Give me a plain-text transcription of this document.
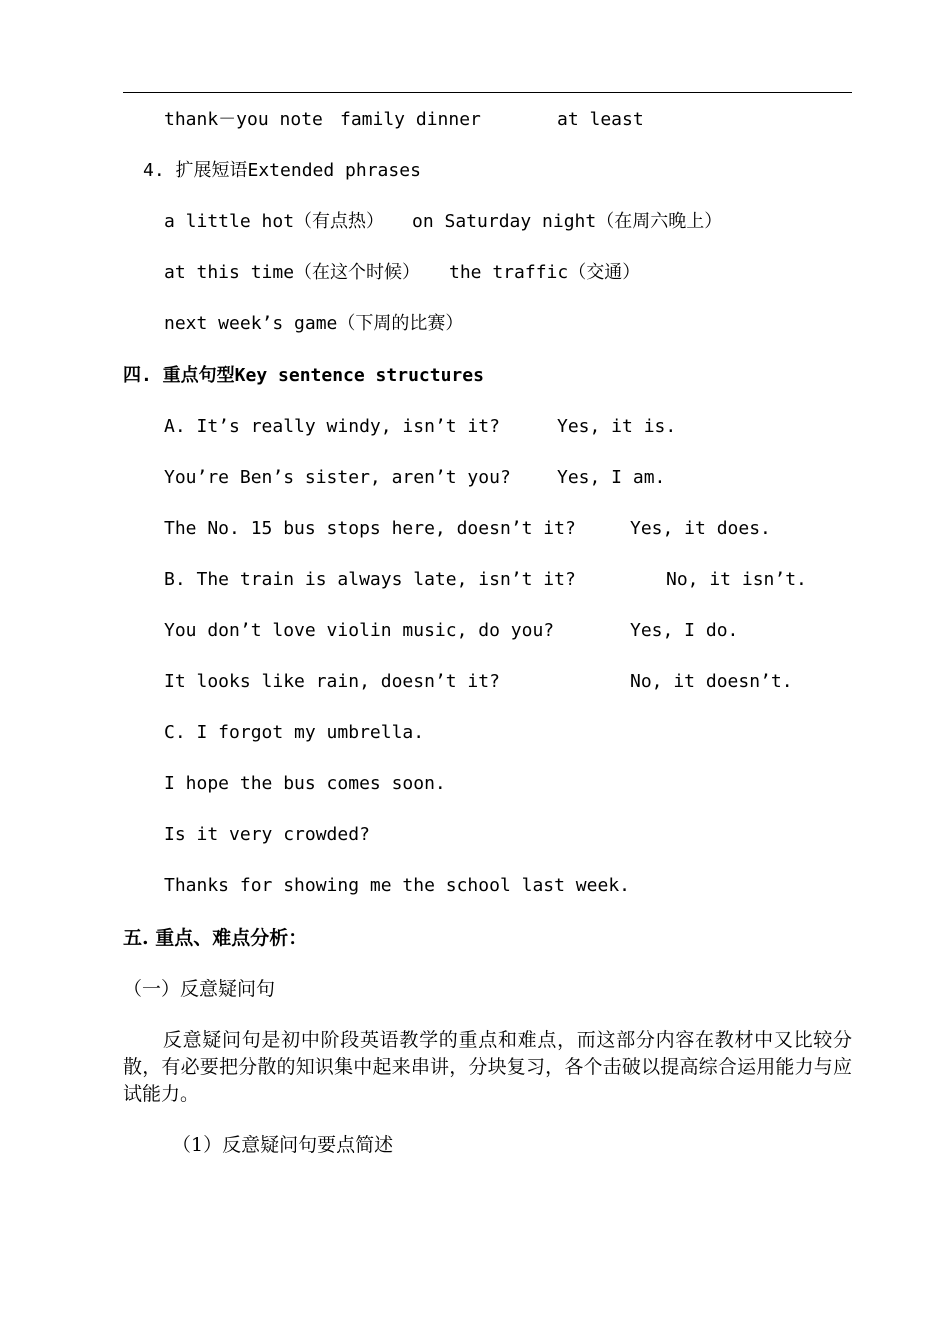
thank－you note family dinner	at least
4. 扩展短语Extended phrases
a little hot（有点热） on Saturday night（在周六晚上）
at this time（在这个时候） the traffic（交通）
next week’s game（下周的比赛）
四. 重点句型Key sentence structures
A. It’s really windy, isn’t it?	Yes, it is.
You’re Ben’s sister, aren’t you?	Yes, I am.
The No. 15 bus stops here, doesn’t it?	Yes, it does.
B. The train is always late, isn’t it?	No, it isn’t.
You don’t love violin music, do you?	Yes, I do.
It looks like rain, doesn’t it?	No, it doesn’t.
C. I forgot my umbrella.
I hope the bus comes soon.
Is it very crowded?
Thanks for showing me the school last week.
五. 重点、难点分析：
（一）反意疑问句
反意疑问句是初中阶段英语教学的重点和难点，而这部分内容在教材中又比较分散，有必要把分散的知识集中起来串讲，分块复习，各个击破以提高综合运用能力与应试能力。
（1）反意疑问句要点简述
